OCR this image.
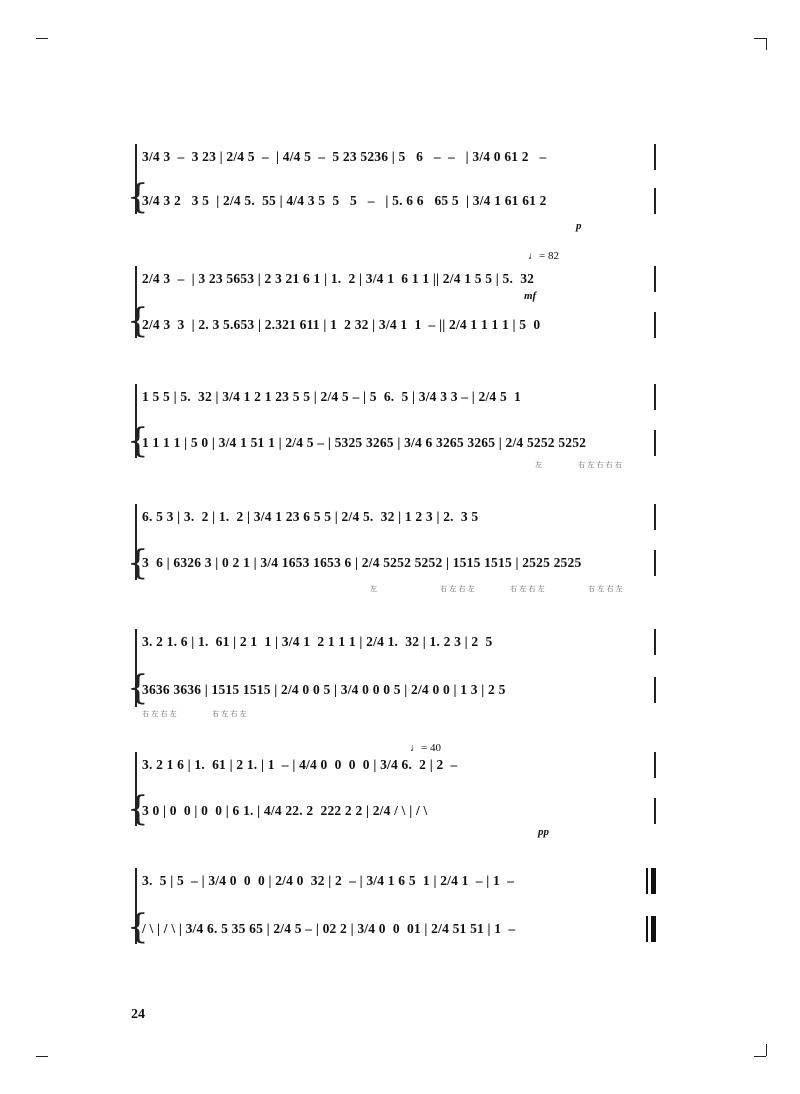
{
3/4 3  –  3 23 | 2/4 5  –  | 4/4 5  –  5 23 5236 | 5   6   –  –   | 3/4 0 61 2   –
3/4 3 2   3 5  | 2/4 5.  55 | 4/4 3 5  5   5   –   | 5. 6 6   65 5  | 3/4 1 61 61 2
p
{
♩= 82
2/4 3  –  | 3 23 5653 | 2 3 21 6 1 | 1.  2 | 3/4 1  6 1 1 || 2/4 1 5 5 | 5.  32
2/4 3  3  | 2. 3 5.653 | 2.321 611 | 1  2 32 | 3/4 1  1  – || 2/4 1 1 1 1 | 5  0
mf
{
1 5 5 | 5.  32 | 3/4 1 2 1 23 5 5 | 2/4 5 – | 5  6.  5 | 3/4 3 3 – | 2/4 5  1
1 1 1 1 | 5 0 | 3/4 1 51 1 | 2/4 5 – | 5325 3265 | 3/4 6 3265 3265 | 2/4 5252 5252
左	右 左 右 右 右
{
6. 5 3 | 3.  2 | 1.  2 | 3/4 1 23 6 5 5 | 2/4 5.  32 | 1 2 3 | 2.  3 5
3  6 | 6326 3 | 0 2 1 | 3/4 1653 1653 6 | 2/4 5252 5252 | 1515 1515 | 2525 2525
左	右 左 右 左	右 左 右 左	右 左 右 左
{
3. 2 1. 6 | 1.  61 | 2 1  1 | 3/4 1  2 1 1 1 | 2/4 1.  32 | 1. 2 3 | 2  5
3636 3636 | 1515 1515 | 2/4 0 0 5 | 3/4 0 0 0 5 | 2/4 0 0 | 1 3 | 2 5
右 左 右 左	右 左 右 左
{
♩= 40
3. 2 1 6 | 1.  61 | 2 1. | 1  – | 4/4 0  0  0  0 | 3/4 6.  2 | 2  –
3 0 | 0  0 | 0  0 | 6 1. | 4/4 22. 2  222 2 2 | 2/4 / \ | / \
pp
{
3.  5 | 5  – | 3/4 0  0  0 | 2/4 0  32 | 2  – | 3/4 1 6 5  1 | 2/4 1  – | 1  –
/ \ | / \ | 3/4 6. 5 35 65 | 2/4 5 – | 02 2 | 3/4 0  0  01 | 2/4 51 51 | 1  –
24
